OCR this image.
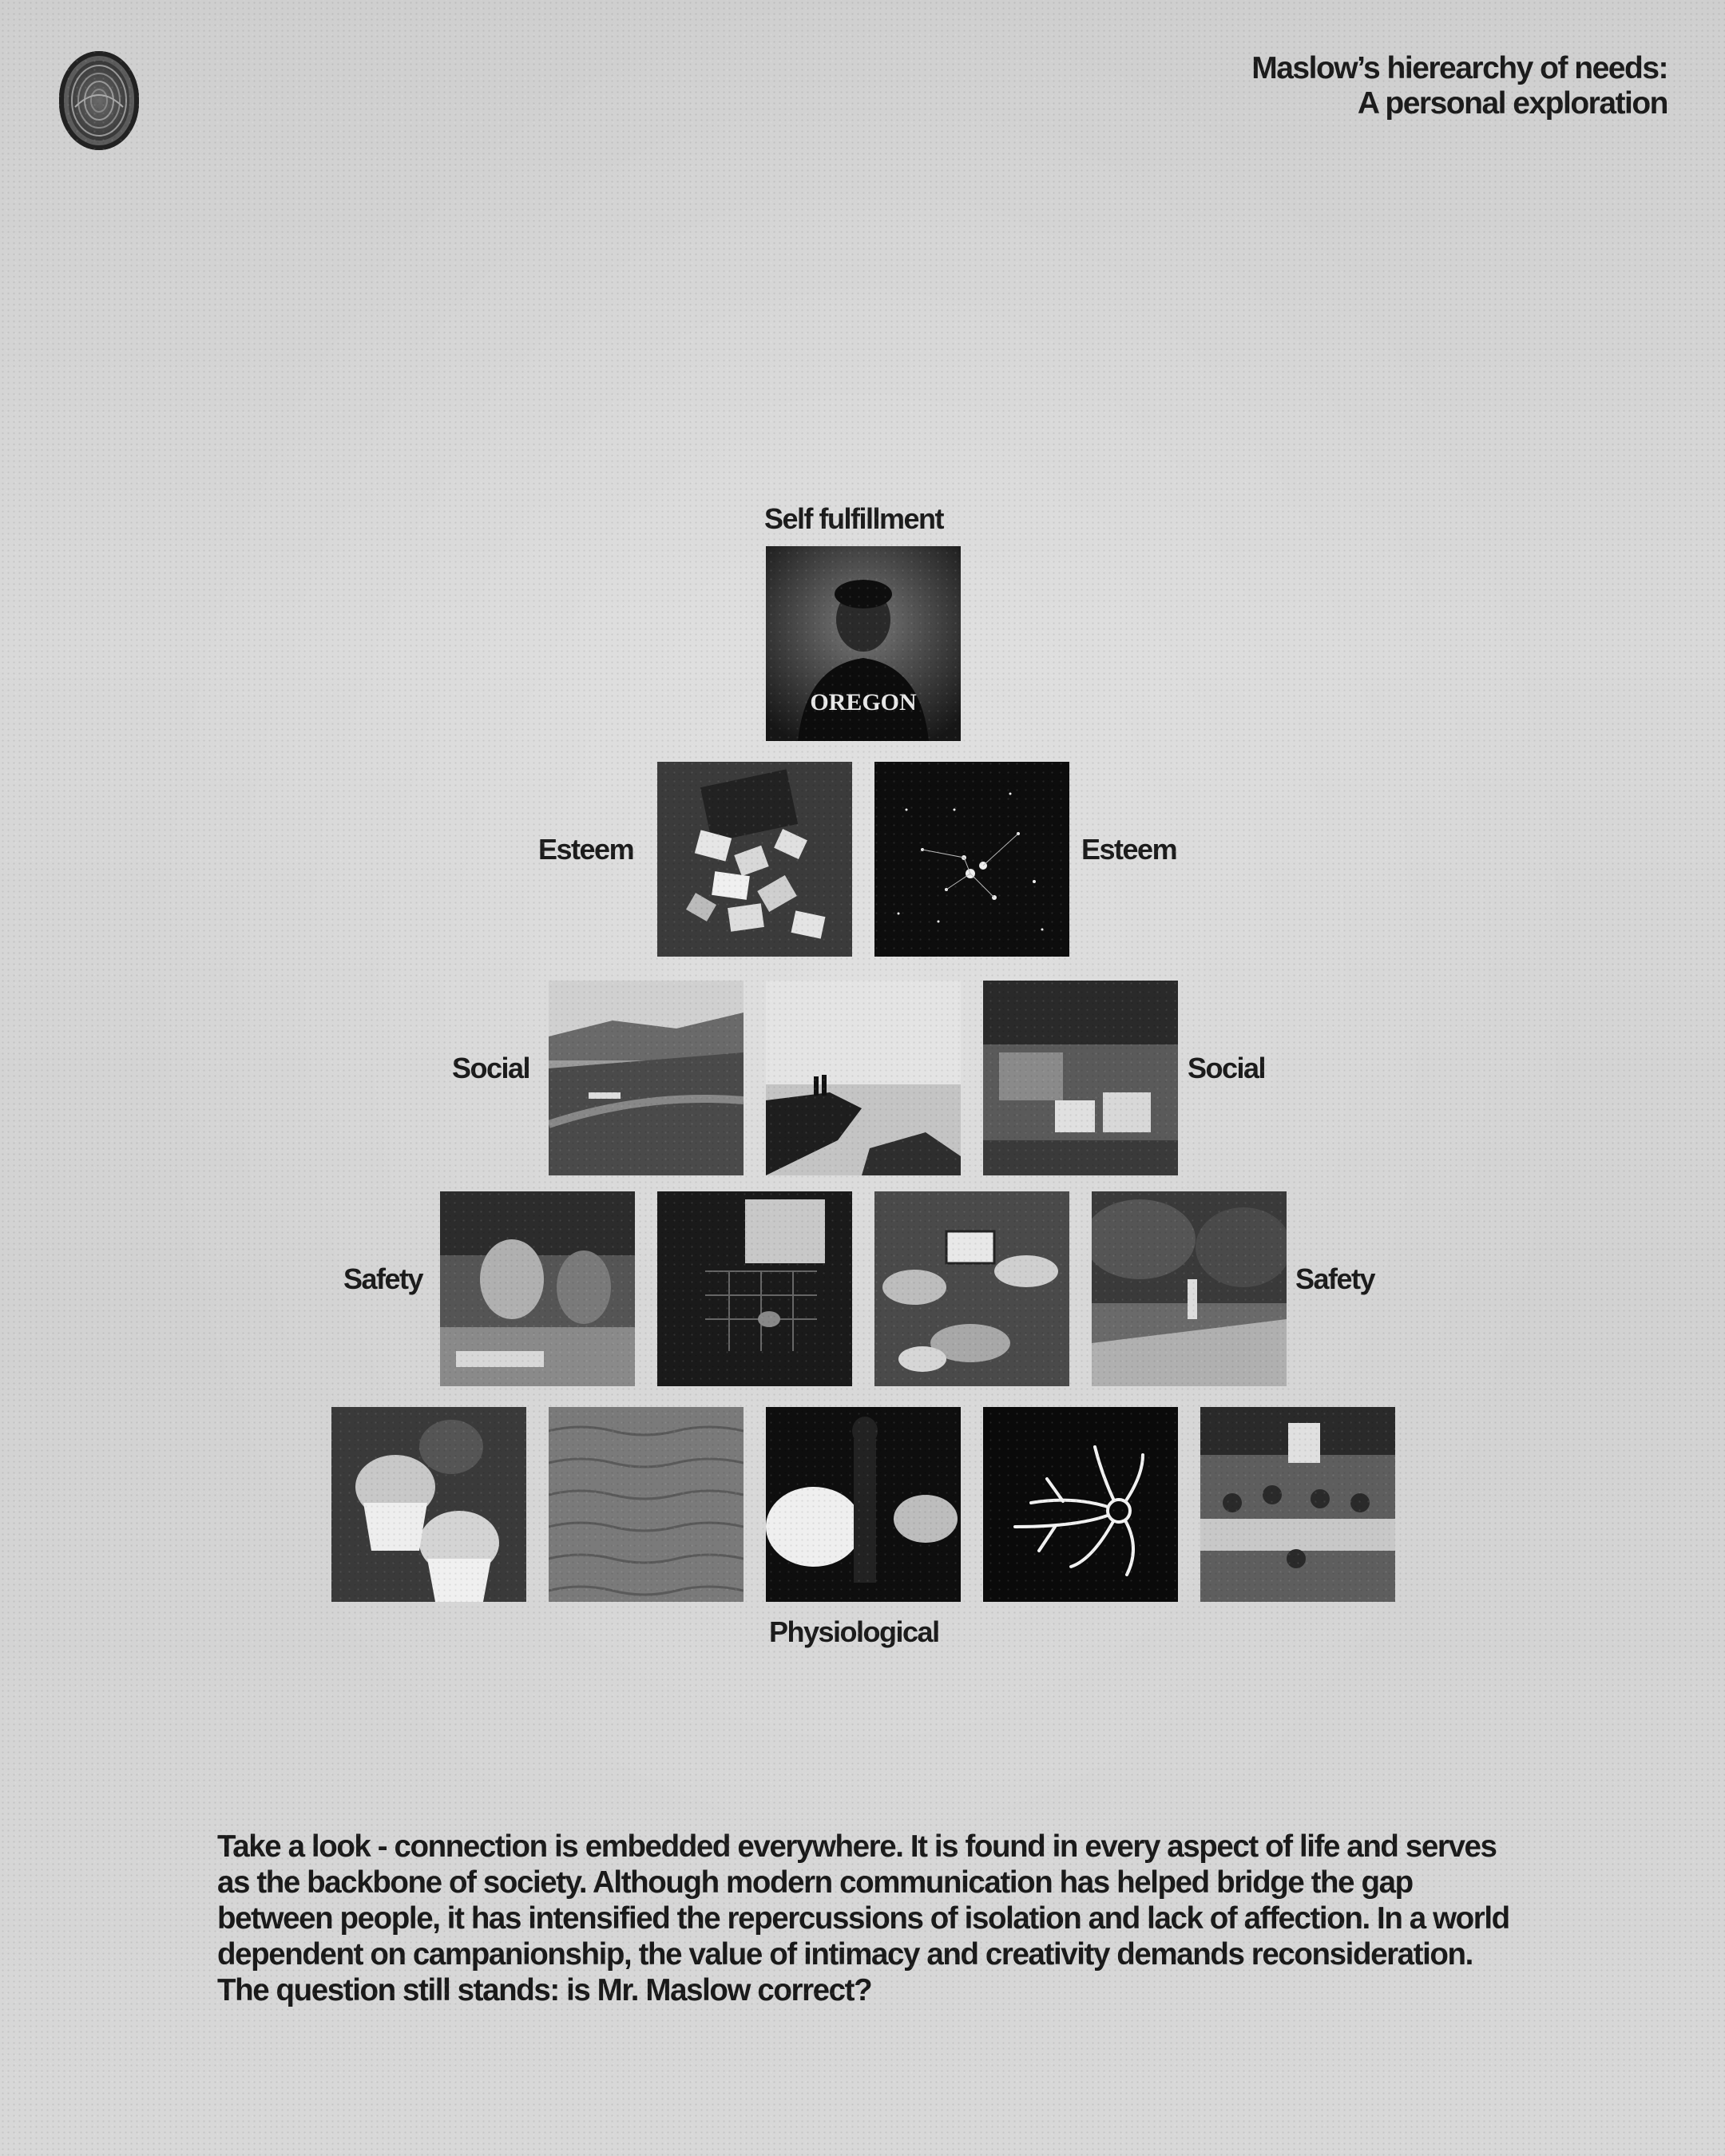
Maslow’s hierearchy of needs:
A personal exploration
Self fulfillment
Esteem	Esteem
Social	Social
Safety	Safety
Physiological
OREGON
Take a look - connection is embedded everywhere. It is found in every aspect of life and serves as the backbone of society. Although modern communication has helped bridge the gap between people, it has intensified the repercussions of isolation and lack of affection. In a world dependent on campanionship, the value of intimacy and creativity demands reconsideration. The question still stands: is Mr. Maslow correct?
